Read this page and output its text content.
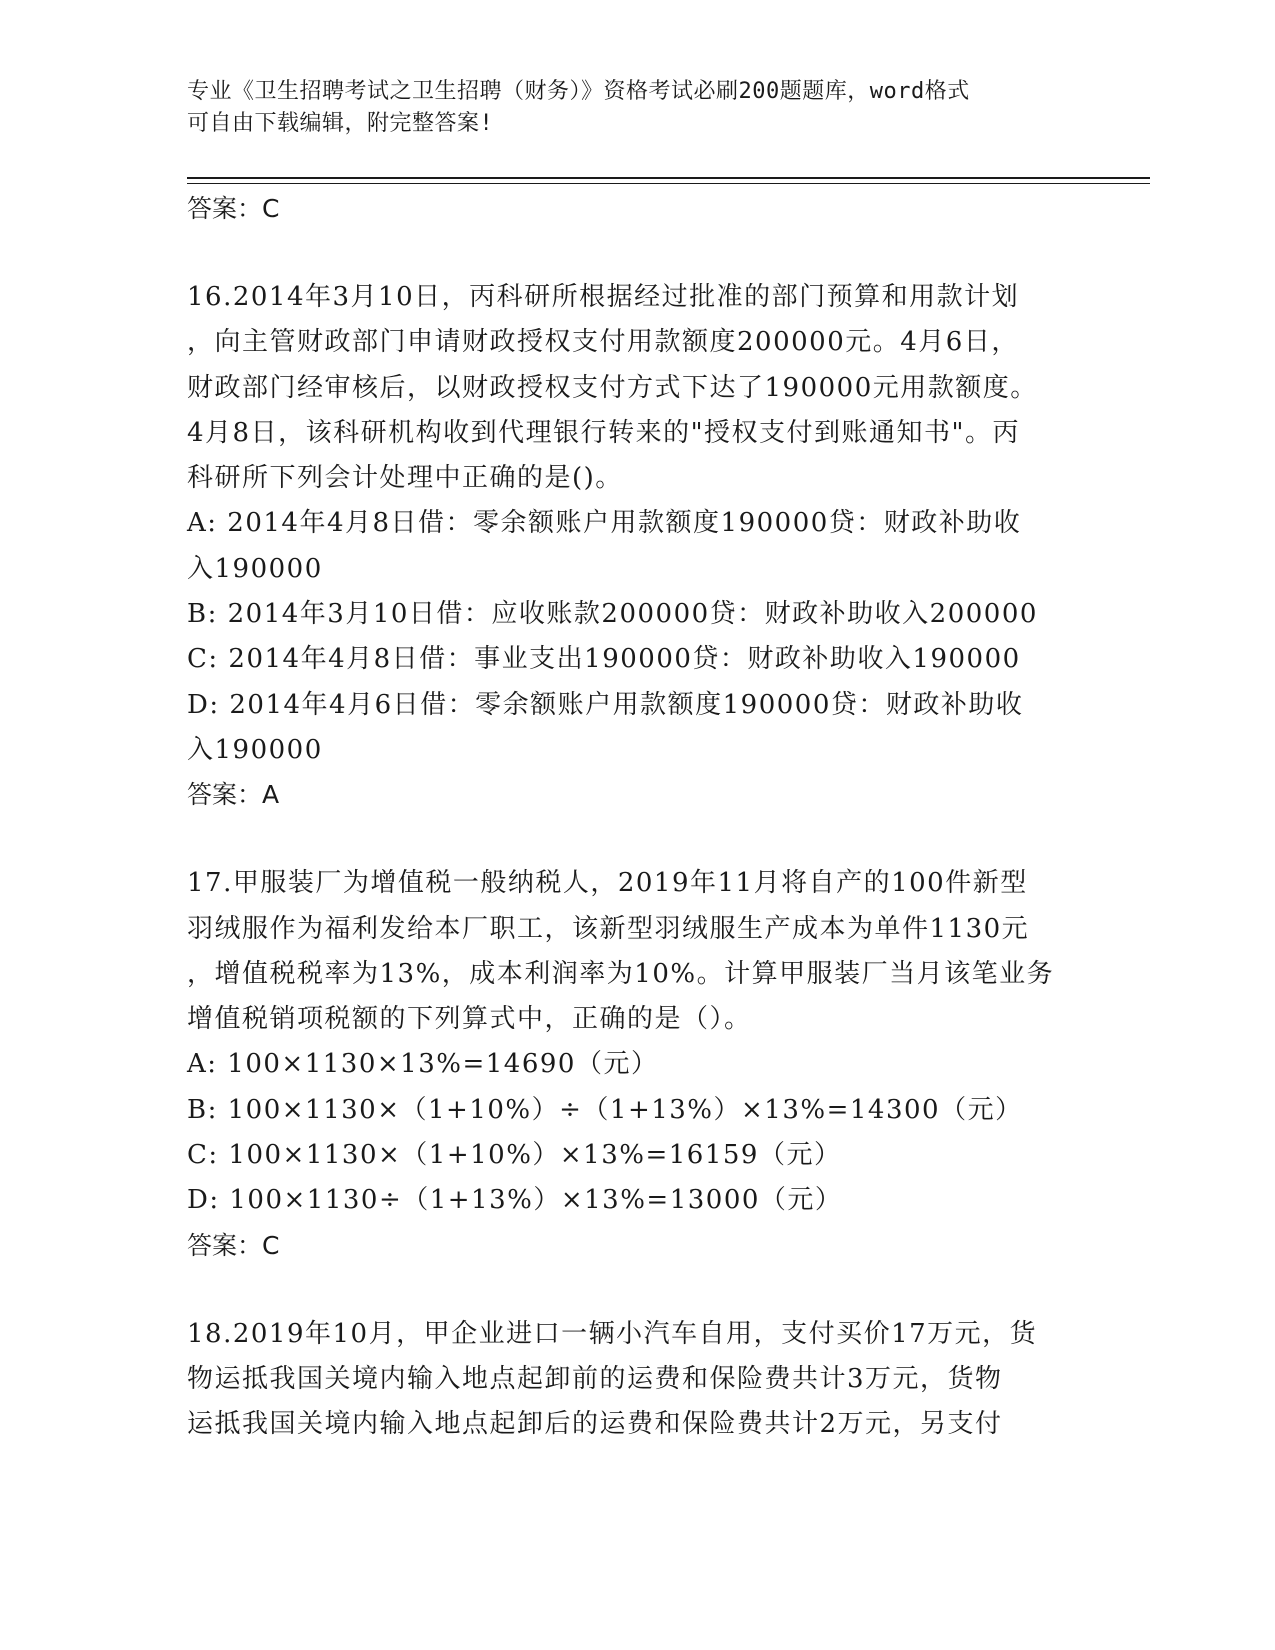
专业《卫生招聘考试之卫生招聘（财务）》资格考试必刷200题题库，word格式
可自由下载编辑，附完整答案!
答案：C
16.2014年3月10日，丙科研所根据经过批准的部门预算和用款计划
，向主管财政部门申请财政授权支付用款额度200000元。4月6日，
财政部门经审核后，以财政授权支付方式下达了190000元用款额度。
4月8日，该科研机构收到代理银行转来的"授权支付到账通知书"。丙
科研所下列会计处理中正确的是()。
A: 2014年4月8日借：零余额账户用款额度190000贷：财政补助收
入190000
B: 2014年3月10日借：应收账款200000贷：财政补助收入200000
C: 2014年4月8日借：事业支出190000贷：财政补助收入190000
D: 2014年4月6日借：零余额账户用款额度190000贷：财政补助收
入190000
答案：A
17.甲服装厂为增值税一般纳税人，2019年11月将自产的100件新型
羽绒服作为福利发给本厂职工，该新型羽绒服生产成本为单件1130元
，增值税税率为13%，成本利润率为10%。计算甲服装厂当月该笔业务
增值税销项税额的下列算式中，正确的是（）。
A: 100×1130×13%=14690（元）
B: 100×1130×（1+10%）÷（1+13%）×13%=14300（元）
C: 100×1130×（1+10%）×13%=16159（元）
D: 100×1130÷（1+13%）×13%=13000（元）
答案：C
18.2019年10月，甲企业进口一辆小汽车自用，支付买价17万元，货
物运抵我国关境内输入地点起卸前的运费和保险费共计3万元，货物
运抵我国关境内输入地点起卸后的运费和保险费共计2万元，另支付
